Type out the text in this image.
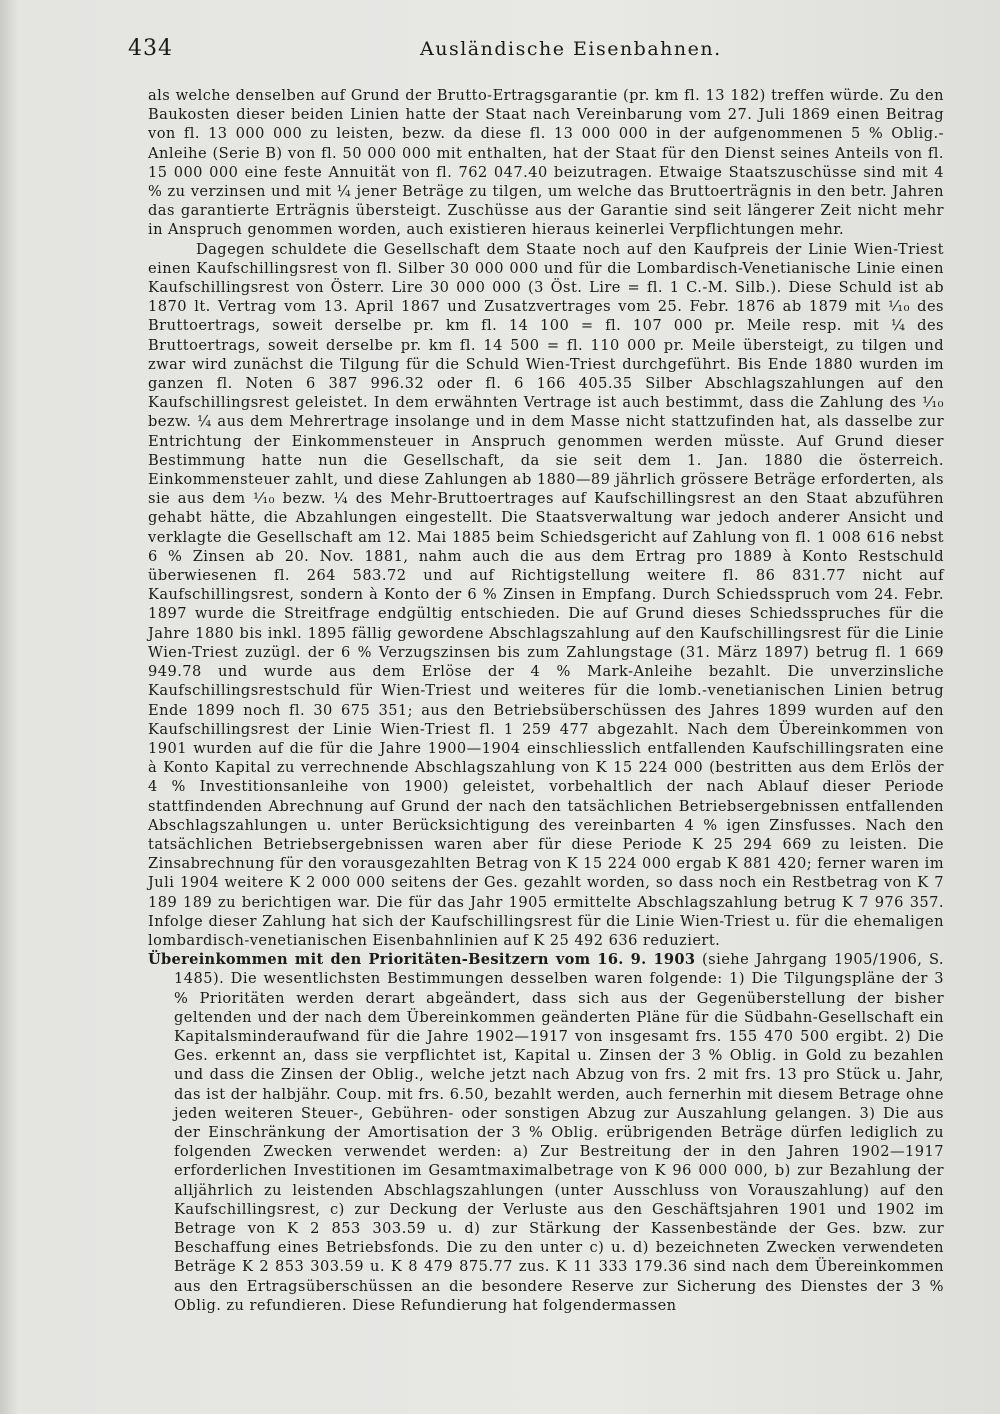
434	Ausländische Eisenbahnen.

als welche denselben auf Grund der Brutto-Ertragsgarantie (pr. km fl. 13 182) treffen würde. Zu den Baukosten dieser beiden Linien hatte der Staat nach Vereinbarung vom 27. Juli 1869 einen Beitrag von fl. 13 000 000 zu leisten, bezw. da diese fl. 13 000 000 in der aufgenommenen 5 % Oblig.-Anleihe (Serie B) von fl. 50 000 000 mit enthalten, hat der Staat für den Dienst seines Anteils von fl. 15 000 000 eine feste Annuität von fl. 762 047.40 beizutragen. Etwaige Staatszuschüsse sind mit 4 % zu verzinsen und mit ¼ jener Beträge zu tilgen, um welche das Bruttoerträgnis in den betr. Jahren das garantierte Erträgnis übersteigt. Zuschüsse aus der Garantie sind seit längerer Zeit nicht mehr in Anspruch genommen worden, auch existieren hieraus keinerlei Verpflichtungen mehr.

Dagegen schuldete die Gesellschaft dem Staate noch auf den Kaufpreis der Linie Wien-Triest einen Kaufschillingsrest von fl. Silber 30 000 000 und für die Lombardisch-Venetianische Linie einen Kaufschillingsrest von Österr. Lire 30 000 000 (3 Öst. Lire = fl. 1 C.-M. Silb.). Diese Schuld ist ab 1870 lt. Vertrag vom 13. April 1867 und Zusatzvertrages vom 25. Febr. 1876 ab 1879 mit ¹⁄₁₀ des Bruttoertrags, soweit derselbe pr. km fl. 14 100 = fl. 107 000 pr. Meile resp. mit ¼ des Bruttoertrags, soweit derselbe pr. km fl. 14 500 = fl. 110 000 pr. Meile übersteigt, zu tilgen und zwar wird zunächst die Tilgung für die Schuld Wien-Triest durchgeführt. Bis Ende 1880 wurden im ganzen fl. Noten 6 387 996.32 oder fl. 6 166 405.35 Silber Abschlagszahlungen auf den Kaufschillingsrest geleistet. In dem erwähnten Vertrage ist auch bestimmt, dass die Zahlung des ¹⁄₁₀ bezw. ¼ aus dem Mehrertrage insolange und in dem Masse nicht stattzufinden hat, als dasselbe zur Entrichtung der Einkommensteuer in Anspruch genommen werden müsste. Auf Grund dieser Bestimmung hatte nun die Gesellschaft, da sie seit dem 1. Jan. 1880 die österreich. Einkommensteuer zahlt, und diese Zahlungen ab 1880—89 jährlich grössere Beträge erforderten, als sie aus dem ¹⁄₁₀ bezw. ¼ des Mehr-Bruttoertrages auf Kaufschillingsrest an den Staat abzuführen gehabt hätte, die Abzahlungen eingestellt. Die Staatsverwaltung war jedoch anderer Ansicht und verklagte die Gesellschaft am 12. Mai 1885 beim Schiedsgericht auf Zahlung von fl. 1 008 616 nebst 6 % Zinsen ab 20. Nov. 1881, nahm auch die aus dem Ertrag pro 1889 à Konto Restschuld überwiesenen fl. 264 583.72 und auf Richtigstellung weitere fl. 86 831.77 nicht auf Kaufschillingsrest, sondern à Konto der 6 % Zinsen in Empfang. Durch Schiedsspruch vom 24. Febr. 1897 wurde die Streitfrage endgültig entschieden. Die auf Grund dieses Schiedsspruches für die Jahre 1880 bis inkl. 1895 fällig gewordene Abschlagszahlung auf den Kaufschillingsrest für die Linie Wien-Triest zuzügl. der 6 % Verzugszinsen bis zum Zahlungstage (31. März 1897) betrug fl. 1 669 949.78 und wurde aus dem Erlöse der 4 % Mark-Anleihe bezahlt. Die unverzinsliche Kaufschillingsrestschuld für Wien-Triest und weiteres für die lomb.-venetianischen Linien betrug Ende 1899 noch fl. 30 675 351; aus den Betriebsüberschüssen des Jahres 1899 wurden auf den Kaufschillingsrest der Linie Wien-Triest fl. 1 259 477 abgezahlt. Nach dem Übereinkommen von 1901 wurden auf die für die Jahre 1900—1904 einschliesslich entfallenden Kaufschillingsraten eine à Konto Kapital zu verrechnende Abschlagszahlung von K 15 224 000 (bestritten aus dem Erlös der 4 % Investitionsanleihe von 1900) geleistet, vorbehaltlich der nach Ablauf dieser Periode stattfindenden Abrechnung auf Grund der nach den tatsächlichen Betriebsergebnissen entfallenden Abschlagszahlungen u. unter Berücksichtigung des vereinbarten 4 % igen Zinsfusses. Nach den tatsächlichen Betriebsergebnissen waren aber für diese Periode K 25 294 669 zu leisten. Die Zinsabrechnung für den vorausgezahlten Betrag von K 15 224 000 ergab K 881 420; ferner waren im Juli 1904 weitere K 2 000 000 seitens der Ges. gezahlt worden, so dass noch ein Restbetrag von K 7 189 189 zu berichtigen war. Die für das Jahr 1905 ermittelte Abschlagszahlung betrug K 7 976 357. Infolge dieser Zahlung hat sich der Kaufschillingsrest für die Linie Wien-Triest u. für die ehemaligen lombardisch-venetianischen Eisenbahnlinien auf K 25 492 636 reduziert.

Übereinkommen mit den Prioritäten-Besitzern vom 16. 9. 1903 (siehe Jahrgang 1905/1906, S. 1485). Die wesentlichsten Bestimmungen desselben waren folgende: 1) Die Tilgungspläne der 3 % Prioritäten werden derart abgeändert, dass sich aus der Gegenüberstellung der bisher geltenden und der nach dem Übereinkommen geänderten Pläne für die Südbahn-Gesellschaft ein Kapitalsminderaufwand für die Jahre 1902—1917 von insgesamt frs. 155 470 500 ergibt. 2) Die Ges. erkennt an, dass sie verpflichtet ist, Kapital u. Zinsen der 3 % Oblig. in Gold zu bezahlen und dass die Zinsen der Oblig., welche jetzt nach Abzug von frs. 2 mit frs. 13 pro Stück u. Jahr, das ist der halbjähr. Coup. mit frs. 6.50, bezahlt werden, auch fernerhin mit diesem Betrage ohne jeden weiteren Steuer-, Gebühren- oder sonstigen Abzug zur Auszahlung gelangen. 3) Die aus der Einschränkung der Amortisation der 3 % Oblig. erübrigenden Beträge dürfen lediglich zu folgenden Zwecken verwendet werden: a) Zur Bestreitung der in den Jahren 1902—1917 erforderlichen Investitionen im Gesamtmaximalbetrage von K 96 000 000, b) zur Bezahlung der alljährlich zu leistenden Abschlagszahlungen (unter Ausschluss von Vorauszahlung) auf den Kaufschillingsrest, c) zur Deckung der Verluste aus den Geschäftsjahren 1901 und 1902 im Betrage von K 2 853 303.59 u. d) zur Stärkung der Kassenbestände der Ges. bzw. zur Beschaffung eines Betriebsfonds. Die zu den unter c) u. d) bezeichneten Zwecken verwendeten Beträge K 2 853 303.59 u. K 8 479 875.77 zus. K 11 333 179.36 sind nach dem Übereinkommen aus den Ertragsüberschüssen an die besondere Reserve zur Sicherung des Dienstes der 3 % Oblig. zu refundieren. Diese Refundierung hat folgendermassen
